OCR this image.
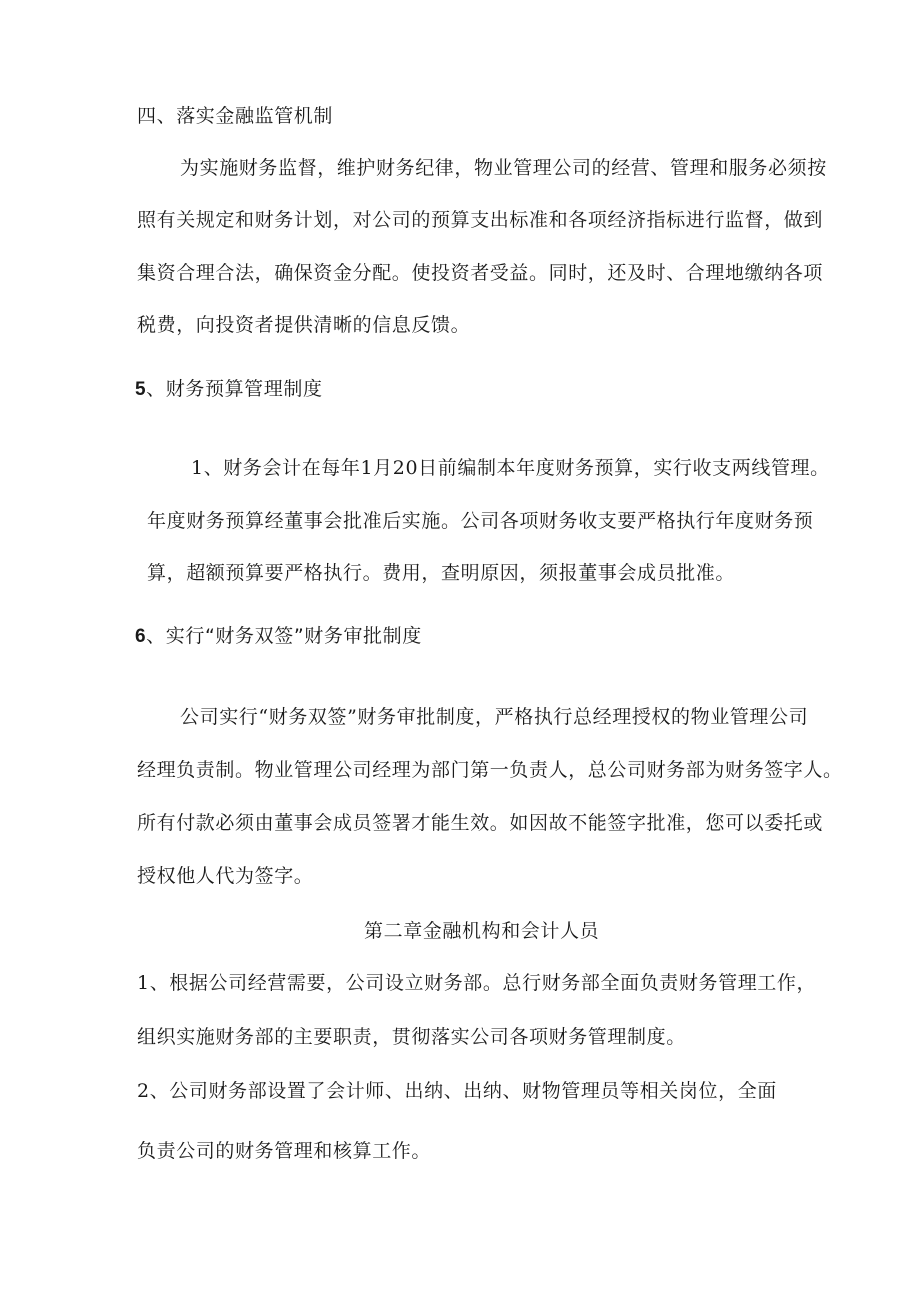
四、落实金融监管机制

为实施财务监督，维护财务纪律，物业管理公司的经营、管理和服务必须按

照有关规定和财务计划，对公司的预算支出标准和各项经济指标进行监督，做到

集资合理合法，确保资金分配。使投资者受益。同时，还及时、合理地缴纳各项

税费，向投资者提供清晰的信息反馈。

5、财务预算管理制度

1、财务会计在每年1月20日前编制本年度财务预算，实行收支两线管理。

年度财务预算经董事会批准后实施。公司各项财务收支要严格执行年度财务预

算，超额预算要严格执行。费用，查明原因，须报董事会成员批准。

6、实行“财务双签”财务审批制度

公司实行“财务双签”财务审批制度，严格执行总经理授权的物业管理公司

经理负责制。物业管理公司经理为部门第一负责人，总公司财务部为财务签字人。

所有付款必须由董事会成员签署才能生效。如因故不能签字批准，您可以委托或

授权他人代为签字。

第二章金融机构和会计人员

1、根据公司经营需要，公司设立财务部。总行财务部全面负责财务管理工作，

组织实施财务部的主要职责，贯彻落实公司各项财务管理制度。

2、公司财务部设置了会计师、出纳、出纳、财物管理员等相关岗位，全面

负责公司的财务管理和核算工作。
